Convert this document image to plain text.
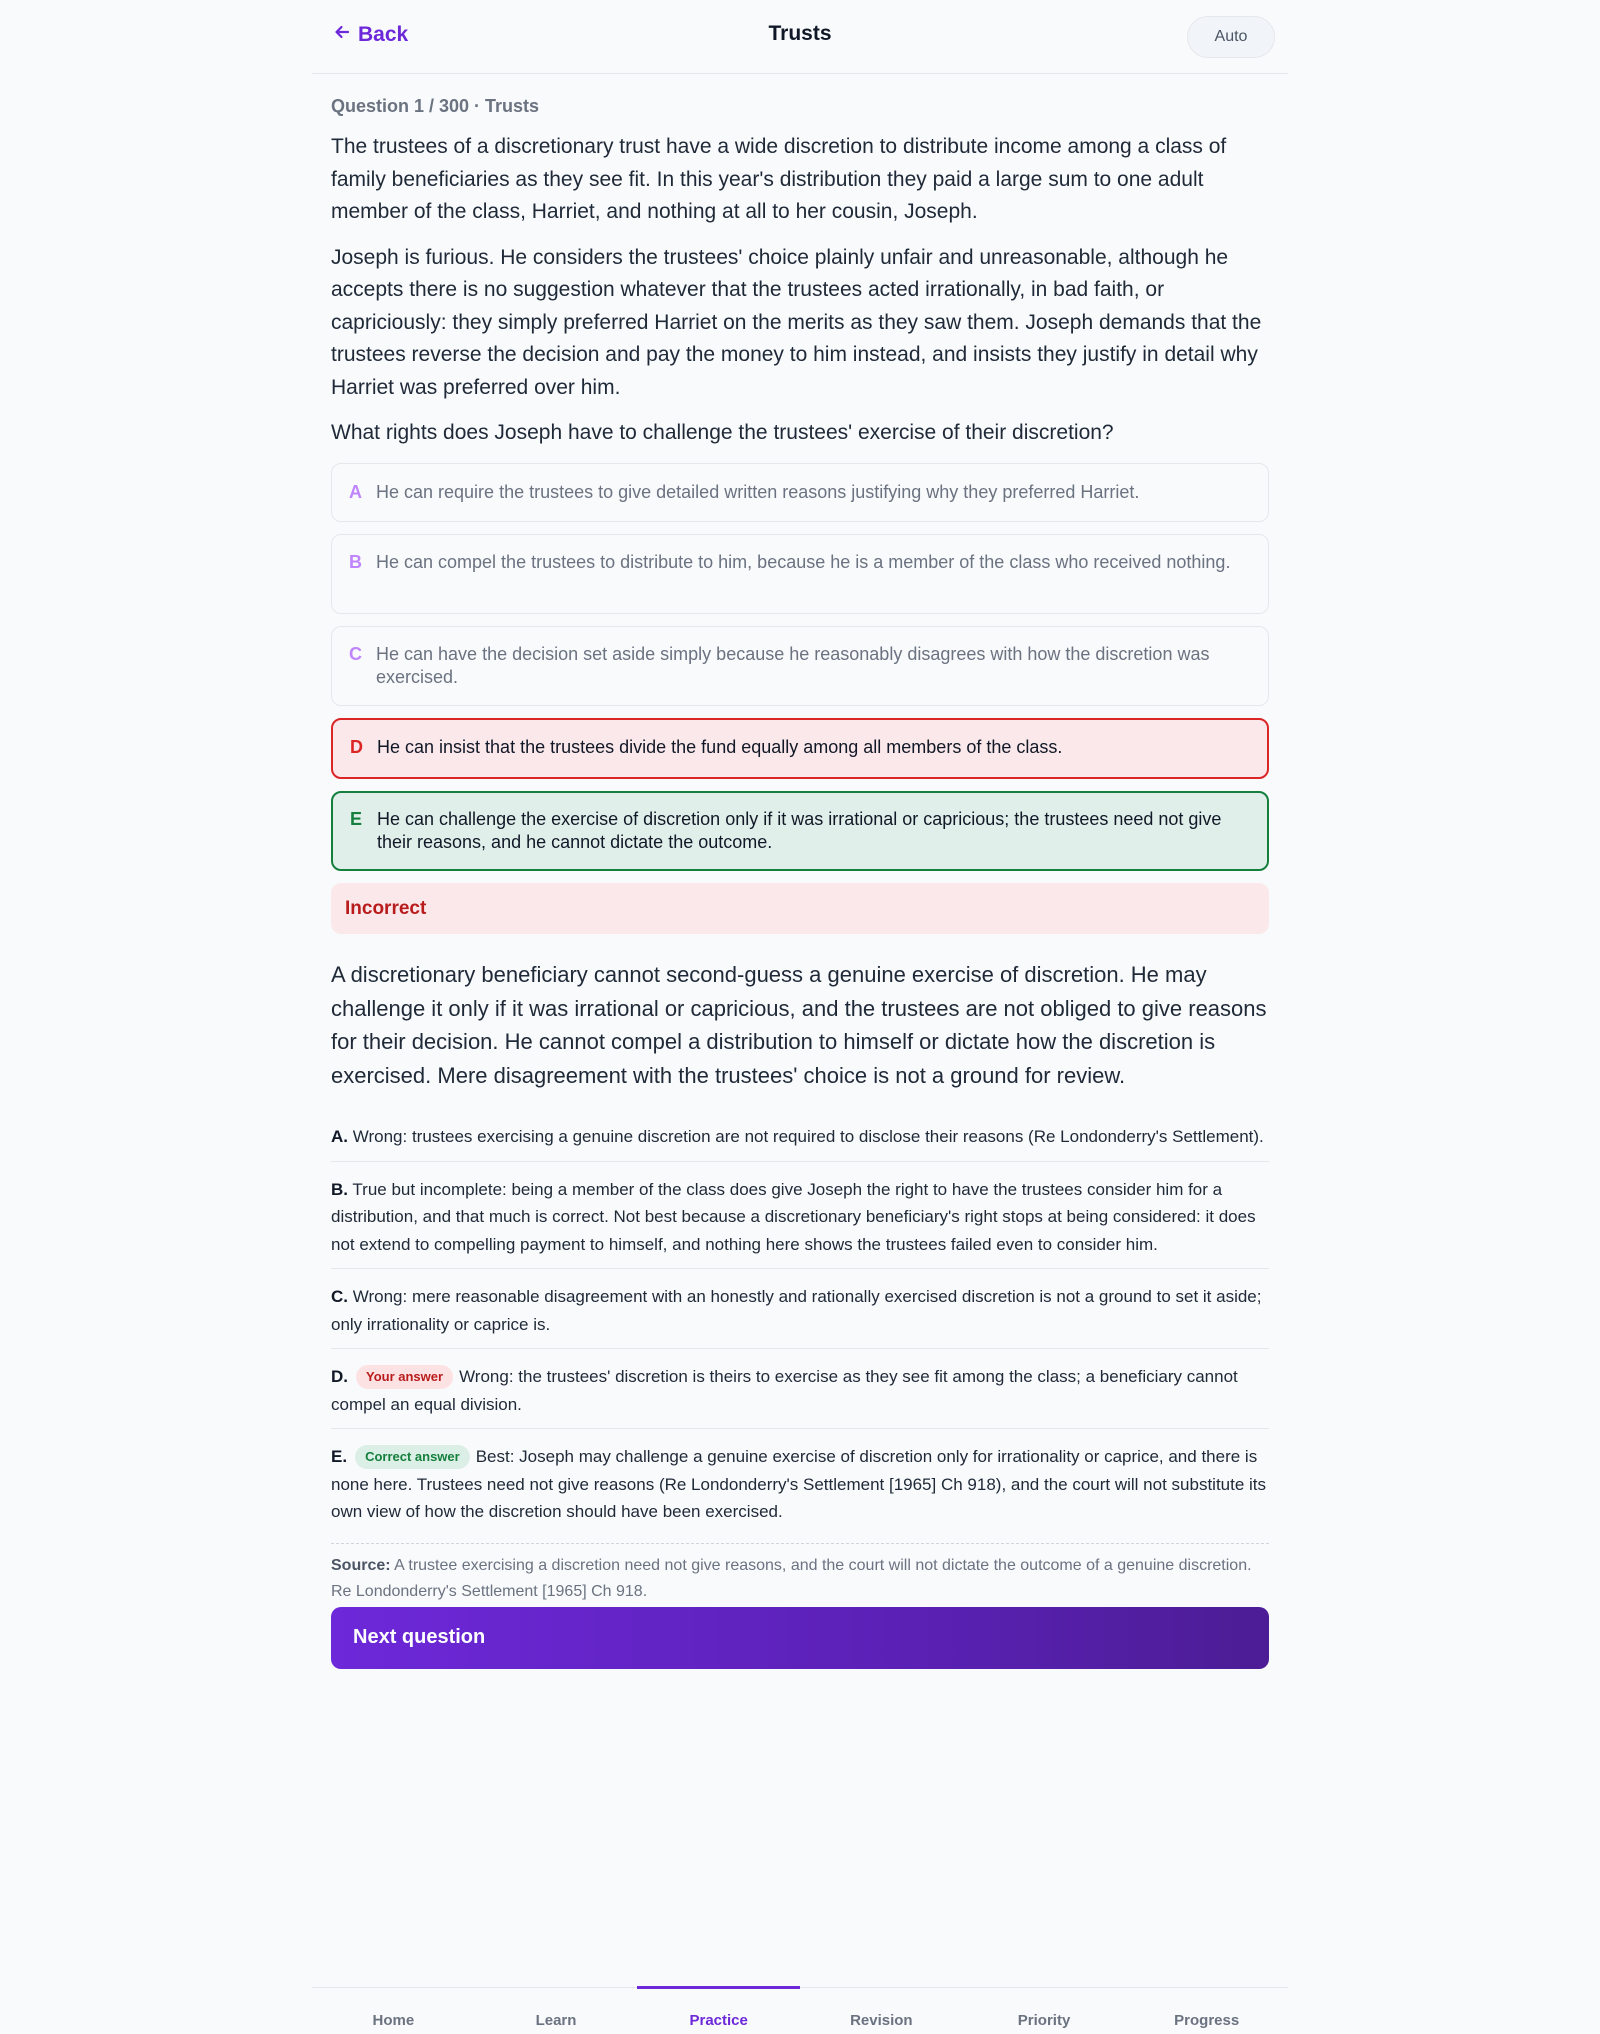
Back	Trusts	Auto
Question 1 / 300 · Trusts

The trustees of a discretionary trust have a wide discretion to distribute income among a class of family beneficiaries as they see fit. In this year's distribution they paid a large sum to one adult member of the class, Harriet, and nothing at all to her cousin, Joseph.

Joseph is furious. He considers the trustees' choice plainly unfair and unreasonable, although he accepts there is no suggestion whatever that the trustees acted irrationally, in bad faith, or capriciously: they simply preferred Harriet on the merits as they saw them. Joseph demands that the trustees reverse the decision and pay the money to him instead, and insists they justify in detail why Harriet was preferred over him.

What rights does Joseph have to challenge the trustees' exercise of their discretion?

A He can require the trustees to give detailed written reasons justifying why they preferred Harriet.
B He can compel the trustees to distribute to him, because he is a member of the class who received nothing.
C He can have the decision set aside simply because he reasonably disagrees with how the discretion was exercised.
D He can insist that the trustees divide the fund equally among all members of the class.
E He can challenge the exercise of discretion only if it was irrational or capricious; the trustees need not give their reasons, and he cannot dictate the outcome.
Incorrect

A discretionary beneficiary cannot second-guess a genuine exercise of discretion. He may challenge it only if it was irrational or capricious, and the trustees are not obliged to give reasons for their decision. He cannot compel a distribution to himself or dictate how the discretion is exercised. Mere disagreement with the trustees' choice is not a ground for review.

A. Wrong: trustees exercising a genuine discretion are not required to disclose their reasons (Re Londonderry's Settlement).
B. True but incomplete: being a member of the class does give Joseph the right to have the trustees consider him for a distribution, and that much is correct. Not best because a discretionary beneficiary's right stops at being considered: it does not extend to compelling payment to himself, and nothing here shows the trustees failed even to consider him.
C. Wrong: mere reasonable disagreement with an honestly and rationally exercised discretion is not a ground to set it aside; only irrationality or caprice is.
D. Your answer Wrong: the trustees' discretion is theirs to exercise as they see fit among the class; a beneficiary cannot compel an equal division.
E. Correct answer Best: Joseph may challenge a genuine exercise of discretion only for irrationality or caprice, and there is none here. Trustees need not give reasons (Re Londonderry's Settlement [1965] Ch 918), and the court will not substitute its own view of how the discretion should have been exercised.

Source: A trustee exercising a discretion need not give reasons, and the court will not dictate the outcome of a genuine discretion. Re Londonderry's Settlement [1965] Ch 918.

Next question
Home	Learn	Practice	Revision	Priority	Progress
